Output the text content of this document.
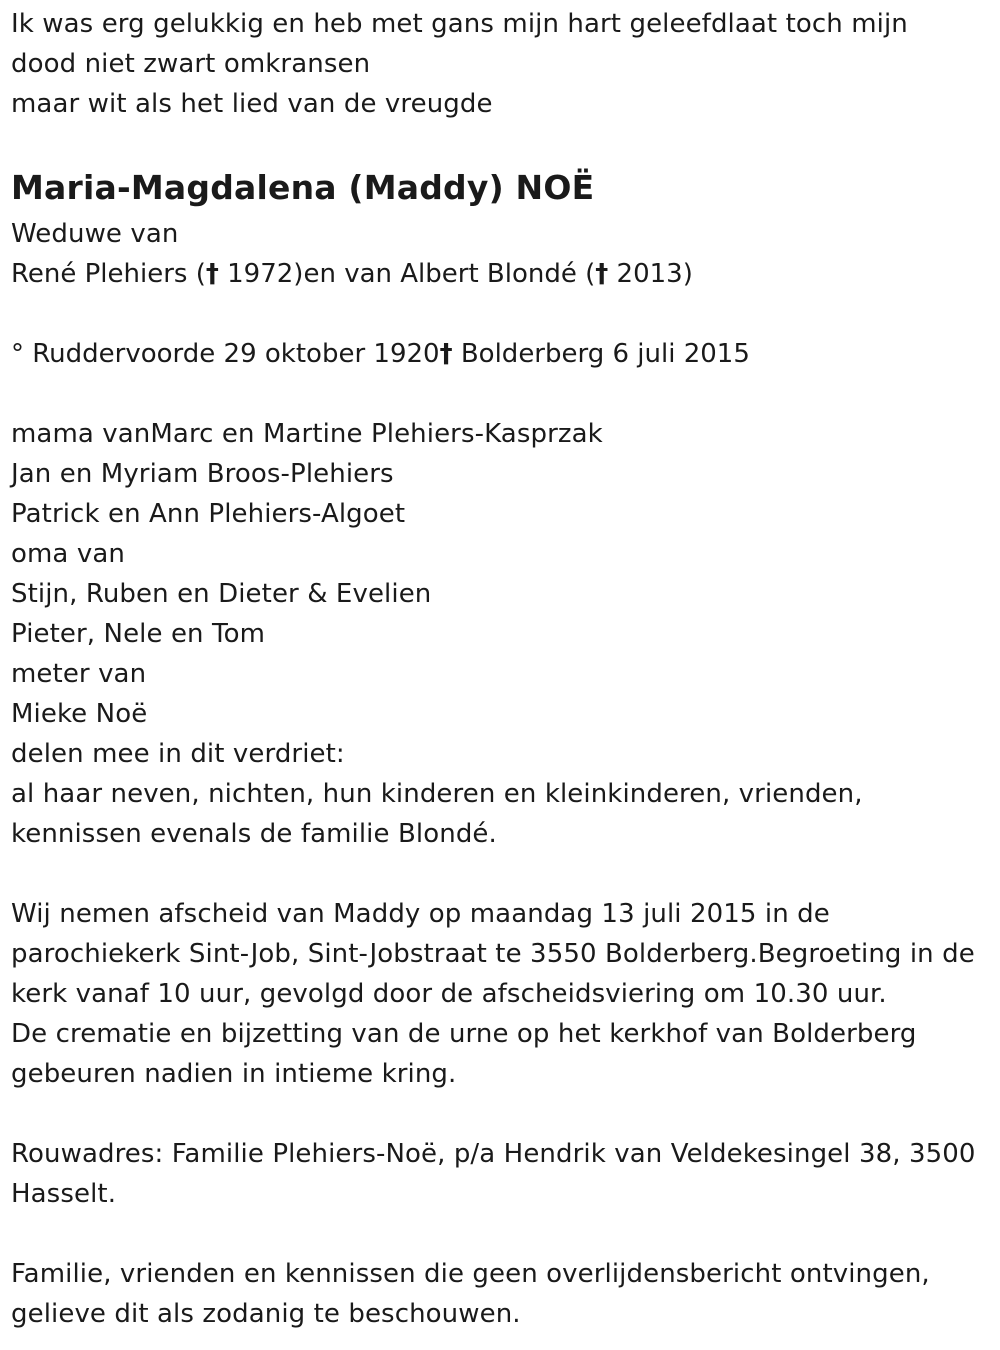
Ik was erg gelukkig en heb met gans mijn hart geleefdlaat toch mijn
dood niet zwart omkransen
maar wit als het lied van de vreugde
Maria-Magdalena (Maddy) NOË
Weduwe van
René Plehiers († 1972)en van Albert Blondé († 2013)
° Ruddervoorde 29 oktober 1920† Bolderberg 6 juli 2015
mama vanMarc en Martine Plehiers-Kasprzak
Jan en Myriam Broos-Plehiers
Patrick en Ann Plehiers-Algoet
oma van
Stijn, Ruben en Dieter & Evelien
Pieter, Nele en Tom
meter van
Mieke Noë
delen mee in dit verdriet:
al haar neven, nichten, hun kinderen en kleinkinderen, vrienden,
kennissen evenals de familie Blondé.
Wij nemen afscheid van Maddy op maandag 13 juli 2015 in de
parochiekerk Sint-Job, Sint-Jobstraat te 3550 Bolderberg.Begroeting in de
kerk vanaf 10 uur, gevolgd door de afscheidsviering om 10.30 uur.
De crematie en bijzetting van de urne op het kerkhof van Bolderberg
gebeuren nadien in intieme kring.
Rouwadres: Familie Plehiers-Noë, p/a Hendrik van Veldekesingel 38, 3500
Hasselt.
Familie, vrienden en kennissen die geen overlijdensbericht ontvingen,
gelieve dit als zodanig te beschouwen.
